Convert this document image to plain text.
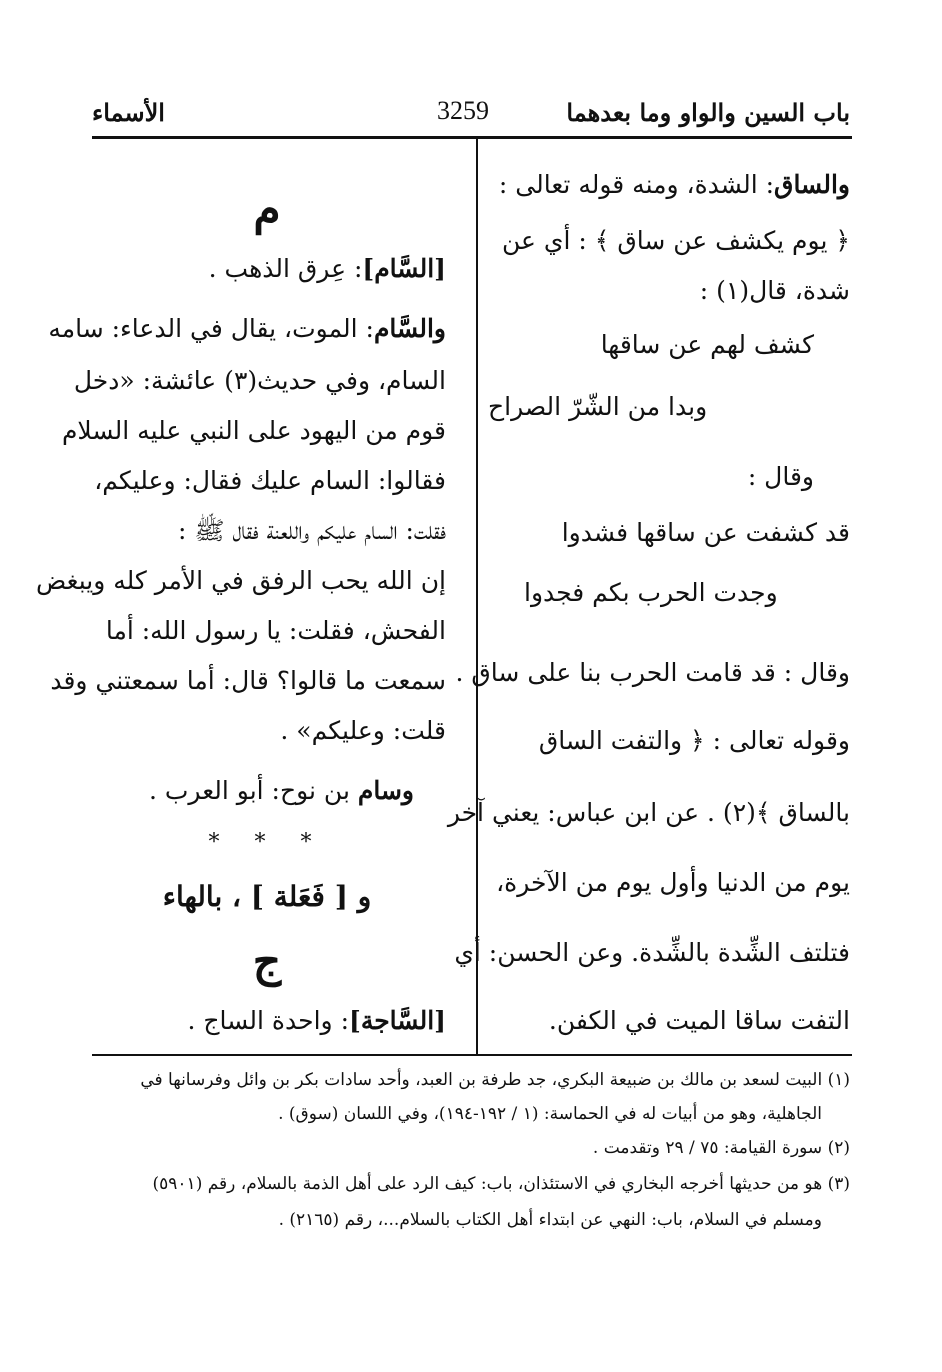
باب السين والواو وما بعدهما
3259
الأسماء
والساق: الشدة، ومنه قوله تعالى :
﴿ يوم يكشف عن ساق ﴾ : أي عن
شدة، قال(١) :
كشف لهم عن ساقها
وبدا من الشّرّ الصراح
وقال :
قد كشفت عن ساقها فشدوا
وجدت الحرب بكم فجدوا
وقال : قد قامت الحرب بنا على ساق .
وقوله تعالى : ﴿ والتفت الساق
بالساق ﴾(٢) . عن ابن عباس: يعني آخر
يوم من الدنيا وأول يوم من الآخرة،
فتلتف الشِّدة بالشِّدة. وعن الحسن: أي
التفت ساقا الميت في الكفن.
م
[السَّام]: عِرق الذهب .
والسَّام: الموت، يقال في الدعاء: سامه
السام، وفي حديث(٣) عائشة: «دخل
قوم من اليهود على النبي عليه السلام
فقالوا: السام عليك فقال: وعليكم،
فقلت: السام عليكم واللعنة فقال ﷺ :
إن الله يحب الرفق في الأمر كله ويبغض
الفحش، فقلت: يا رسول الله: أما
سمعت ما قالوا؟ قال: أما سمعتني وقد
قلت: وعليكم» .
وسام بن نوح: أبو العرب .
* * *
و [ فَعَلة ] ، بالهاء
ج
[السَّاجة]: واحدة الساج .
(١) البيت لسعد بن مالك بن ضبيعة البكري، جد طرفة بن العبد، وأحد سادات بكر بن وائل وفرسانها في
الجاهلية، وهو من أبيات له في الحماسة: (١ / ١٩٢-١٩٤)، وفي اللسان (سوق) .
(٢) سورة القيامة: ٧٥ / ٢٩ وتقدمت .
(٣) هو من حديثها أخرجه البخاري في الاستئذان، باب: كيف الرد على أهل الذمة بالسلام، رقم (٥٩٠١)
ومسلم في السلام، باب: النهي عن ابتداء أهل الكتاب بالسلام...، رقم (٢١٦٥) .
